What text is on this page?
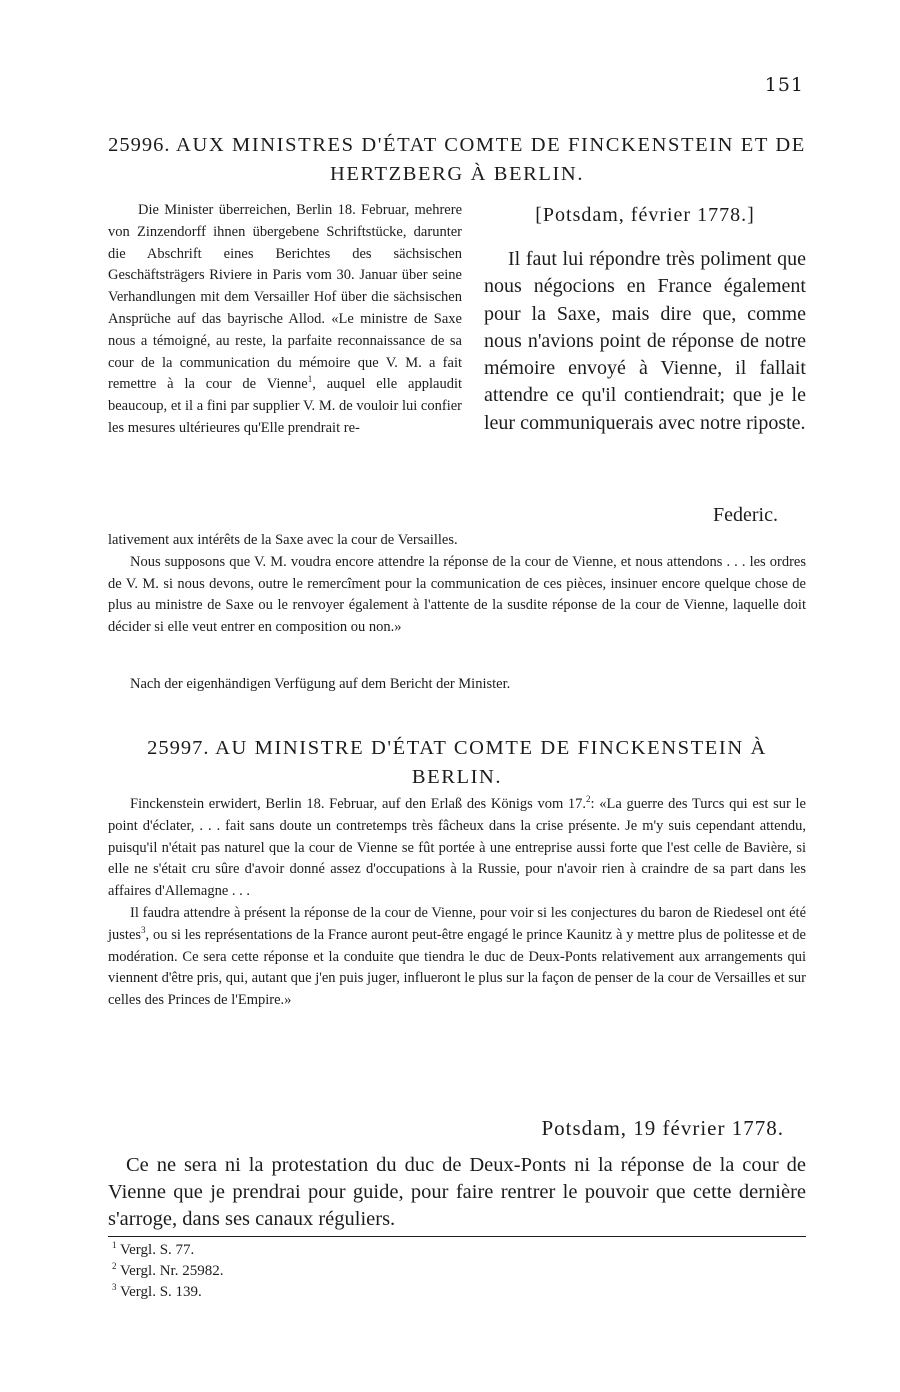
151
25996. AUX MINISTRES D'ÉTAT COMTE DE FINCKENSTEIN ET DE HERTZBERG À BERLIN.

Die Minister überreichen, Berlin 18. Februar, mehrere von Zinzendorff ihnen übergebene Schriftstücke, darunter die Abschrift eines Berichtes des sächsischen Geschäftsträgers Riviere in Paris vom 30. Januar über seine Verhandlungen mit dem Versailler Hof über die sächsischen Ansprüche auf das bayrische Allod. «Le ministre de Saxe nous a témoigné, au reste, la parfaite reconnaissance de sa cour de la communication du mémoire que V. M. a fait remettre à la cour de Vienne$^1$, auquel elle applaudit beaucoup, et il a fini par supplier V. M. de vouloir lui confier les mesures ultérieures qu'Elle prendrait re-

[Potsdam, février 1778.]

Il faut lui répondre très poliment que nous négocions en France également pour la Saxe, mais dire que, comme nous n'avions point de réponse de notre mémoire envoyé à Vienne, il fallait attendre ce qu'il contiendrait; que je le leur communiquerais avec notre riposte.

Federic.

lativement aux intérêts de la Saxe avec la cour de Versailles.

Nous supposons que V. M. voudra encore attendre la réponse de la cour de Vienne, et nous attendons . . . les ordres de V. M. si nous devons, outre le remercîment pour la communication de ces pièces, insinuer encore quelque chose de plus au ministre de Saxe ou le renvoyer également à l'attente de la susdite réponse de la cour de Vienne, laquelle doit décider si elle veut entrer en composition ou non.»

Nach der eigenhändigen Verfügung auf dem Bericht der Minister.

25997. AU MINISTRE D'ÉTAT COMTE DE FINCKENSTEIN À BERLIN.

Finckenstein erwidert, Berlin 18. Februar, auf den Erlaß des Königs vom 17.$^2$: «La guerre des Turcs qui est sur le point d'éclater, . . . fait sans doute un contretemps très fâcheux dans la crise présente. Je m'y suis cependant attendu, puisqu'il n'était pas naturel que la cour de Vienne se fût portée à une entreprise aussi forte que l'est celle de Bavière, si elle ne s'était cru sûre d'avoir donné assez d'occupations à la Russie, pour n'avoir rien à craindre de sa part dans les affaires d'Allemagne . . .

Il faudra attendre à présent la réponse de la cour de Vienne, pour voir si les conjectures du baron de Riedesel ont été justes$^3$, ou si les représentations de la France auront peut-être engagé le prince Kaunitz à y mettre plus de politesse et de modération. Ce sera cette réponse et la conduite que tiendra le duc de Deux-Ponts relativement aux arrangements qui viennent d'être pris, qui, autant que j'en puis juger, influeront le plus sur la façon de penser de la cour de Versailles et sur celles des Princes de l'Empire.»

Potsdam, 19 février 1778.

Ce ne sera ni la protestation du duc de Deux-Ponts ni la réponse de la cour de Vienne que je prendrai pour guide, pour faire rentrer le pouvoir que cette dernière s'arroge, dans ses canaux réguliers.

$^1$ Vergl. S. 77.

$^2$ Vergl. Nr. 25982.

$^3$ Vergl. S. 139.
